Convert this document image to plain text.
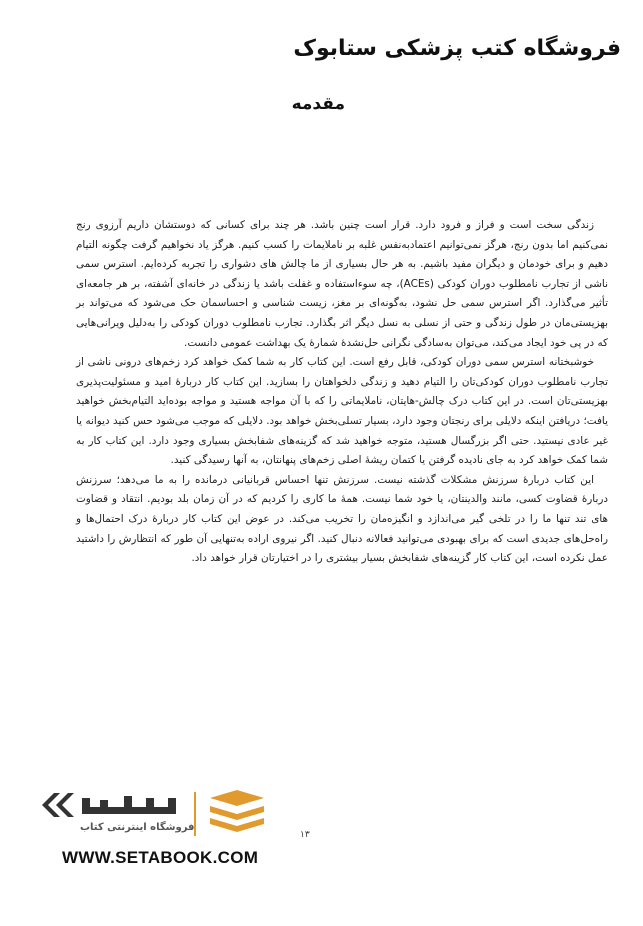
فروشگاه کتب پزشکی ستابوک
مقدمه

زندگی سخت است و فراز و فرود دارد. قرار است چنین باشد. هر چند برای کسانی که دوستشان داریم آرزوی رنج نمی‌کنیم اما بدون رنج، هرگز نمی‌توانیم اعتمادبه‌نفس غلبه بر ناملایمات را کسب کنیم. هرگز یاد نخواهیم گرفت چگونه التیام دهیم و برای خودمان و دیگران مفید باشیم. به هر حال بسیاری از ما چالش های دشواری را تجربه کرده‌ایم. استرس سمی ناشی از تجارب نامطلوب دوران کودکی (ACEs)، چه سوءاستفاده و غفلت باشد یا زندگی در خانه‌ای آشفته، بر هر جامعه‌ای تأثیر می‌گذارد. اگر استرس سمی حل نشود، به‌گونه‌ای بر مغز، زیست شناسی و احساسمان حک می‌شود که می‌تواند بر بهزیستی‌مان در طول زندگی و حتی از نسلی به نسل دیگر اثر بگذارد. تجارب نامطلوب دوران کودکی را به‌دلیل ویرانی‌هایی که در پی خود ایجاد می‌کند، می‌توان به‌سادگی نگرانی حل‌نشدهٔ شمارهٔ یک بهداشت عمومی دانست.

خوشبختانه استرس سمی دوران کودکی، قابل رفع است. این کتاب کار به شما کمک خواهد کرد زخم‌های درونی ناشی از تجارب نامطلوب دوران کودکی‌تان را التیام دهید و زندگی دلخواهتان را بسازید. این کتاب کار دربارهٔ امید و مسئولیت‌پذیری بهزیستی‌تان است. در این کتاب درک چالش-هایتان، ناملایماتی را که با آن مواجه هستید و مواجه بوده‌اید التیام‌بخش خواهید یافت؛ دریافتن اینکه دلایلی برای رنجتان وجود دارد، بسیار تسلی‌بخش خواهد بود. دلایلی که موجب می‌شود حس کنید دیوانه یا غیر عادی نیستید. حتی اگر بزرگسال هستید، متوجه خواهید شد که گزینه‌های شفابخش بسیاری وجود دارد. این کتاب کار به شما کمک خواهد کرد به جای نادیده گرفتن یا کتمان ریشهٔ اصلی زخم‌های پنهانتان، به آنها رسیدگی کنید.

این کتاب دربارهٔ سرزنش مشکلات گذشته نیست. سرزنش تنها احساس قربانیانی درمانده را به ما می‌دهد؛ سرزنش دربارهٔ قضاوت کسی، مانند والدینتان، یا خود شما نیست. همهٔ ما کاری را کردیم که در آن زمان بلد بودیم. انتقاد و قضاوت های تند تنها ما را در تلخی گیر می‌اندازد و انگیزه‌مان را تخریب می‌کند. در عوض این کتاب کار دربارهٔ درک احتمال‌ها و راه‌حل‌های جدیدی است که برای بهبودی می‌توانید فعالانه دنبال کنید. اگر نیروی اراده به‌تنهایی آن طور که انتظارش را داشتید عمل نکرده است، این کتاب کار گزینه‌های شفابخش بسیار بیشتری را در اختیارتان قرار خواهد داد.

۱۳
فروشگاه اینترنتی کتاب
WWW.SETABOOK.COM
